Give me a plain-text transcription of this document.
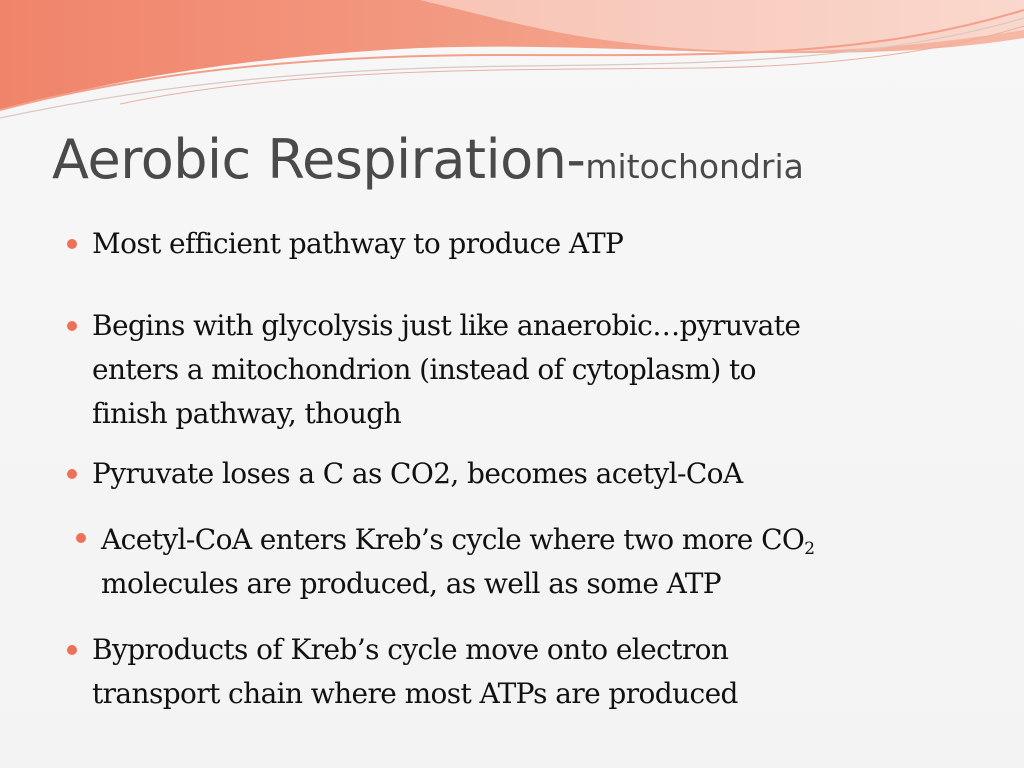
Aerobic Respiration-mitochondria
Most efficient pathway to produce ATP
Begins with glycolysis just like anaerobic…pyruvate
enters a mitochondrion (instead of cytoplasm) to
finish pathway, though
Pyruvate loses a C as CO2, becomes acetyl-CoA
Acetyl-CoA enters Kreb’s cycle where two more $CO_2$
molecules are produced, as well as some ATP
Byproducts of Kreb’s cycle move onto electron
transport chain where most ATPs are produced
